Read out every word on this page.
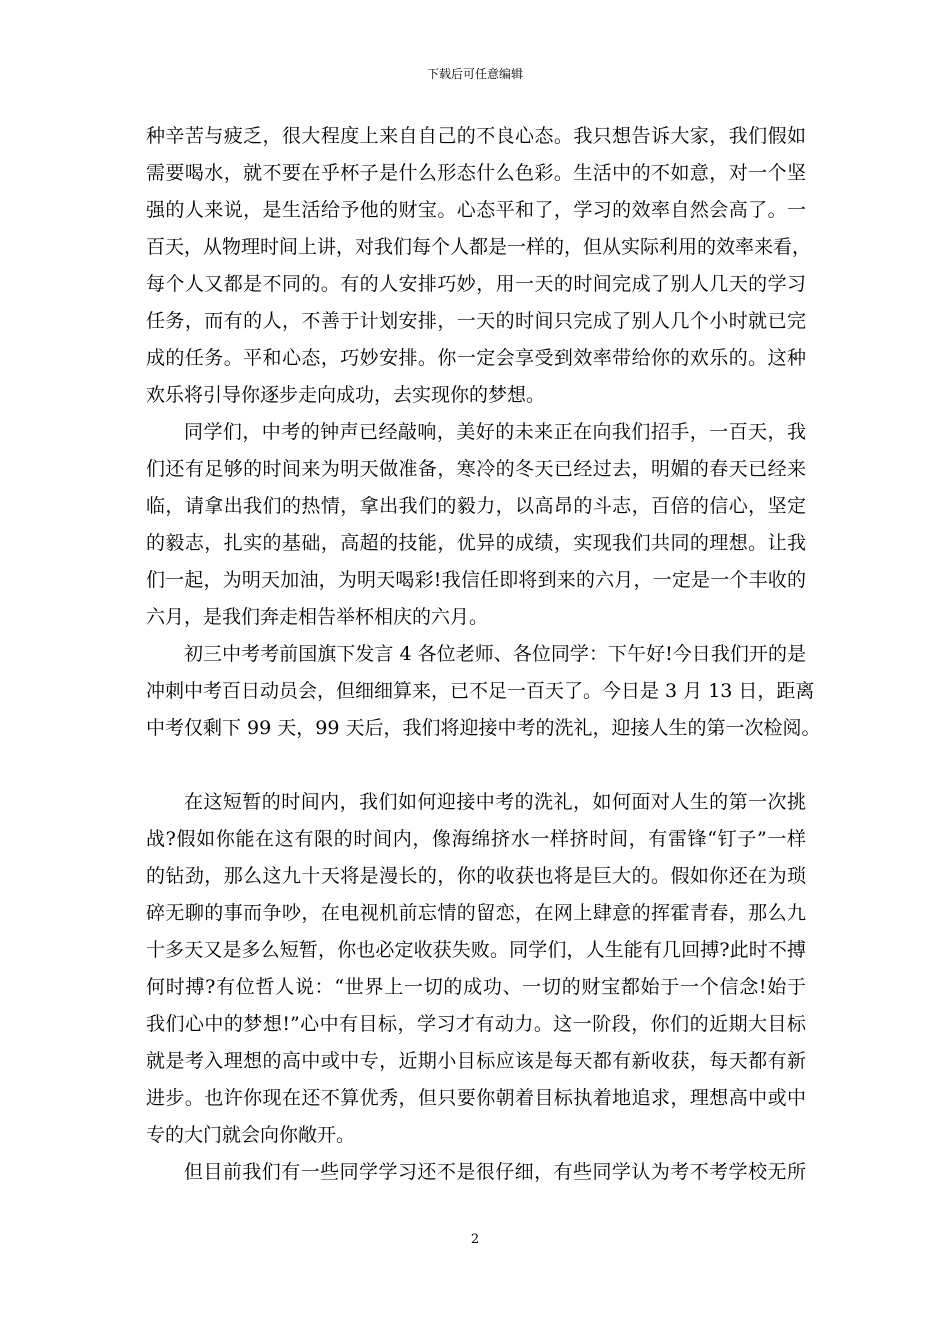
下载后可任意编辑
种辛苦与疲乏，很大程度上来自自己的不良心态。我只想告诉大家，我们假如
需要喝水，就不要在乎杯子是什么形态什么色彩。生活中的不如意，对一个坚
强的人来说，是生活给予他的财宝。心态平和了，学习的效率自然会高了。一
百天，从物理时间上讲，对我们每个人都是一样的，但从实际利用的效率来看，
每个人又都是不同的。有的人安排巧妙，用一天的时间完成了别人几天的学习
任务，而有的人，不善于计划安排，一天的时间只完成了别人几个小时就已完
成的任务。平和心态，巧妙安排。你一定会享受到效率带给你的欢乐的。这种
欢乐将引导你逐步走向成功，去实现你的梦想。
同学们，中考的钟声已经敲响，美好的未来正在向我们招手，一百天，我
们还有足够的时间来为明天做准备，寒冷的冬天已经过去，明媚的春天已经来
临，请拿出我们的热情，拿出我们的毅力，以高昂的斗志，百倍的信心，坚定
的毅志，扎实的基础，高超的技能，优异的成绩，实现我们共同的理想。让我
们一起，为明天加油，为明天喝彩!我信任即将到来的六月，一定是一个丰收的
六月，是我们奔走相告举杯相庆的六月。
初三中考考前国旗下发言 4 各位老师、各位同学：下午好!今日我们开的是
冲刺中考百日动员会，但细细算来，已不足一百天了。今日是 3 月 13 日，距离
中考仅剩下 99 天，99 天后，我们将迎接中考的洗礼，迎接人生的第一次检阅。
在这短暂的时间内，我们如何迎接中考的洗礼，如何面对人生的第一次挑
战?假如你能在这有限的时间内，像海绵挤水一样挤时间，有雷锋“钉子”一样
的钻劲，那么这九十天将是漫长的，你的收获也将是巨大的。假如你还在为琐
碎无聊的事而争吵，在电视机前忘情的留恋，在网上肆意的挥霍青春，那么九
十多天又是多么短暂，你也必定收获失败。同学们，人生能有几回搏?此时不搏
何时搏?有位哲人说：“世界上一切的成功、一切的财宝都始于一个信念!始于
我们心中的梦想!”心中有目标，学习才有动力。这一阶段，你们的近期大目标
就是考入理想的高中或中专，近期小目标应该是每天都有新收获，每天都有新
进步。也许你现在还不算优秀，但只要你朝着目标执着地追求，理想高中或中
专的大门就会向你敞开。
但目前我们有一些同学学习还不是很仔细，有些同学认为考不考学校无所
2
